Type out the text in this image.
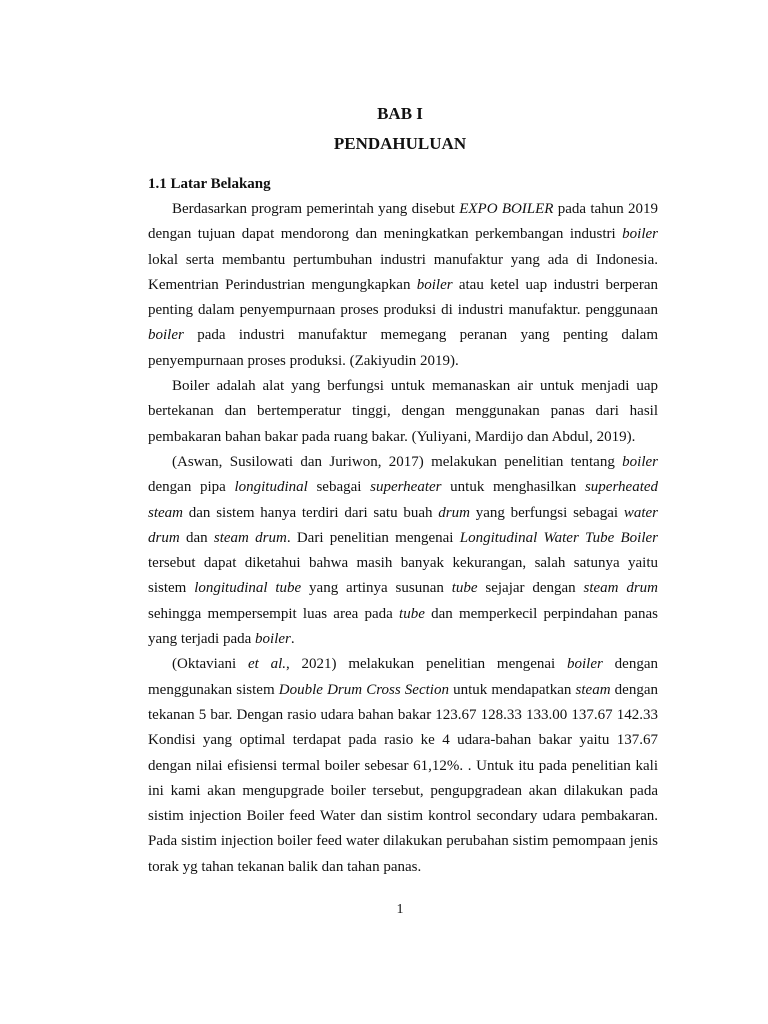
BAB I
PENDAHULUAN
1.1 Latar Belakang

Berdasarkan program pemerintah yang disebut EXPO BOILER pada tahun 2019 dengan tujuan dapat mendorong dan meningkatkan perkembangan industri boiler lokal serta membantu pertumbuhan industri manufaktur yang ada di Indonesia. Kementrian Perindustrian mengungkapkan boiler atau ketel uap industri berperan penting dalam penyempurnaan proses produksi di industri manufaktur. penggunaan boiler pada industri manufaktur memegang peranan yang penting dalam penyempurnaan proses produksi. (Zakiyudin 2019).

Boiler adalah alat yang berfungsi untuk memanaskan air untuk menjadi uap bertekanan dan bertemperatur tinggi, dengan menggunakan panas dari hasil pembakaran bahan bakar pada ruang bakar. (Yuliyani, Mardijo dan Abdul, 2019).

(Aswan, Susilowati dan Juriwon, 2017) melakukan penelitian tentang boiler dengan pipa longitudinal sebagai superheater untuk menghasilkan superheated steam dan sistem hanya terdiri dari satu buah drum yang berfungsi sebagai water drum dan steam drum. Dari penelitian mengenai Longitudinal Water Tube Boiler tersebut dapat diketahui bahwa masih banyak kekurangan, salah satunya yaitu sistem longitudinal tube yang artinya susunan tube sejajar dengan steam drum sehingga mempersempit luas area pada tube dan memperkecil perpindahan panas yang terjadi pada boiler.

(Oktaviani et al., 2021) melakukan penelitian mengenai boiler dengan menggunakan sistem Double Drum Cross Section untuk mendapatkan steam dengan tekanan 5 bar. Dengan rasio udara bahan bakar 123.67 128.33 133.00 137.67 142.33 Kondisi yang optimal terdapat pada rasio ke 4 udara-bahan bakar yaitu 137.67 dengan nilai efisiensi termal boiler sebesar 61,12%. . Untuk itu pada penelitian kali ini kami akan mengupgrade boiler tersebut, pengupgradean akan dilakukan pada sistim injection Boiler feed Water dan sistim kontrol secondary udara pembakaran. Pada sistim injection boiler feed water dilakukan perubahan sistim pemompaan jenis torak yg tahan tekanan balik dan tahan panas.

1
